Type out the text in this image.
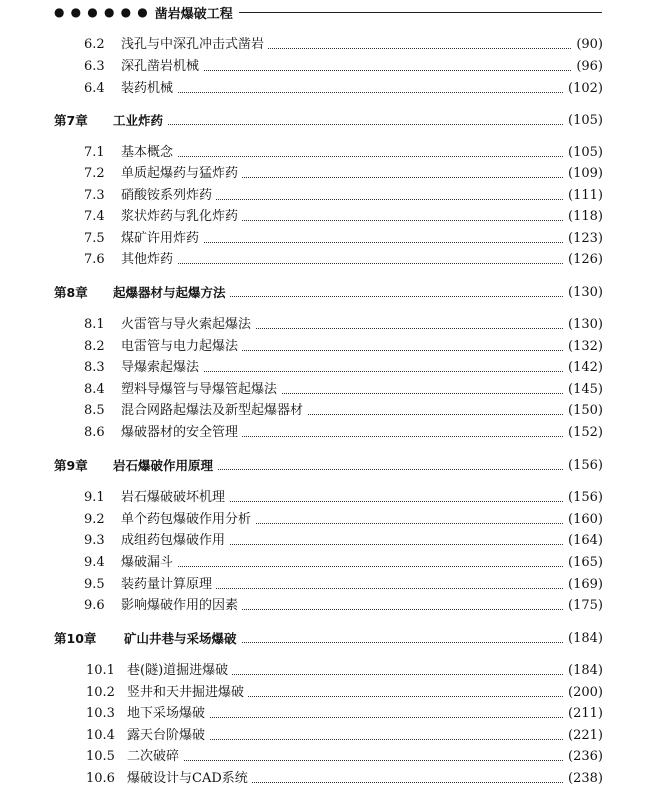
● ● ● ● ● ● 凿岩爆破工程
6.2 浅孔与中深孔冲击式凿岩	(90)
6.3 深孔凿岩机械	(96)
6.4 装药机械	(102)
第7章 工业炸药	(105)
7.1 基本概念	(105)
7.2 单质起爆药与猛炸药	(109)
7.3 硝酸铵系列炸药	(111)
7.4 浆状炸药与乳化炸药	(118)
7.5 煤矿许用炸药	(123)
7.6 其他炸药	(126)
第8章 起爆器材与起爆方法	(130)
8.1 火雷管与导火索起爆法	(130)
8.2 电雷管与电力起爆法	(132)
8.3 导爆索起爆法	(142)
8.4 塑料导爆管与导爆管起爆法	(145)
8.5 混合网路起爆法及新型起爆器材	(150)
8.6 爆破器材的安全管理	(152)
第9章 岩石爆破作用原理	(156)
9.1 岩石爆破破坏机理	(156)
9.2 单个药包爆破作用分析	(160)
9.3 成组药包爆破作用	(164)
9.4 爆破漏斗	(165)
9.5 装药量计算原理	(169)
9.6 影响爆破作用的因素	(175)
第10章 矿山井巷与采场爆破	(184)
10.1 巷(隧)道掘进爆破	(184)
10.2 竖井和天井掘进爆破	(200)
10.3 地下采场爆破	(211)
10.4 露天台阶爆破	(221)
10.5 二次破碎	(236)
10.6 爆破设计与CAD系统	(238)
